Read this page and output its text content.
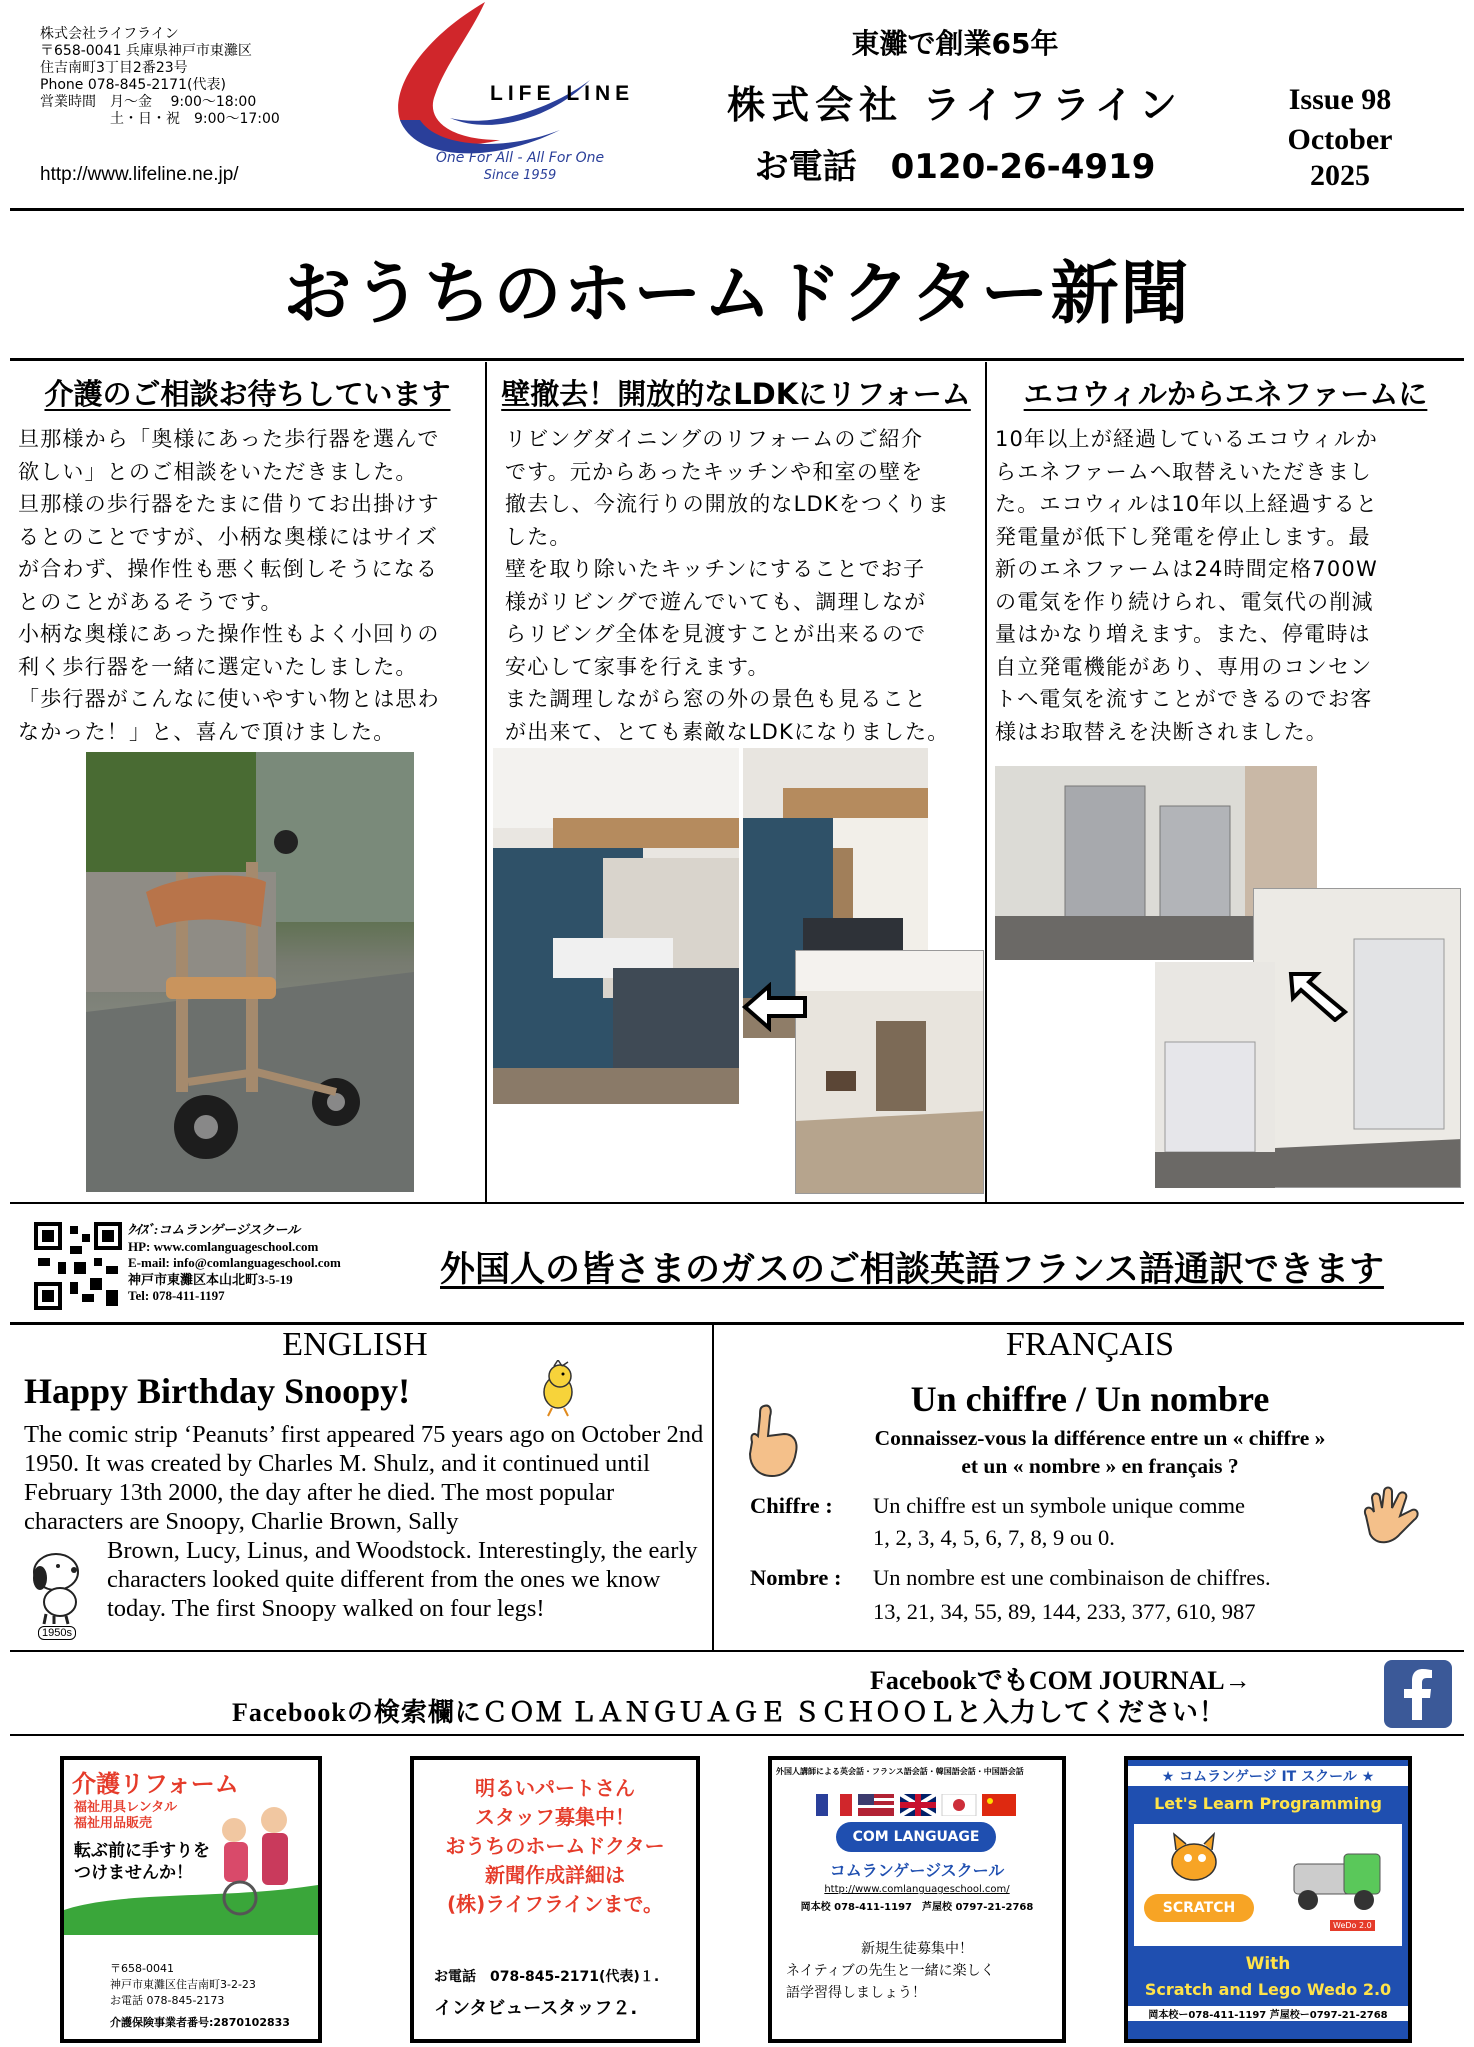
株式会社ライフライン
〒658-0041 兵庫県神戸市東灘区
住吉南町3丁目2番23号
Phone 078-845-2171(代表)
営業時間　月～金　 9:00～18:00
　　　　　土・日・祝　9:00～17:00
http://www.lifeline.ne.jp/
LIFE LINE
One For All - All For One
Since 1959
東灘で創業65年
株式会社 ライフライン
お電話　0120-26-4919
Issue 98
October
2025
おうちのホームドクター新聞
介護のご相談お待ちしています
旦那様から「奥様にあった歩行器を選んで
欲しい」とのご相談をいただきました。
旦那様の歩行器をたまに借りてお出掛けす
るとのことですが、小柄な奥様にはサイズ
が合わず、操作性も悪く転倒しそうになる
とのことがあるそうです。
小柄な奥様にあった操作性もよく小回りの
利く歩行器を一緒に選定いたしました。
「歩行器がこんなに使いやすい物とは思わ
なかった！」と、喜んで頂けました。
壁撤去！開放的なLDKにリフォーム
リビングダイニングのリフォームのご紹介
です。元からあったキッチンや和室の壁を
撤去し、今流行りの開放的なLDKをつくりま
した。
壁を取り除いたキッチンにすることでお子
様がリビングで遊んでいても、調理しなが
らリビング全体を見渡すことが出来るので
安心して家事を行えます。
また調理しながら窓の外の景色も見ること
が出来て、とても素敵なLDKになりました。
エコウィルからエネファームに
10年以上が経過しているエコウィルか
らエネファームへ取替えいただきまし
た。エコウィルは10年以上経過すると
発電量が低下し発電を停止します。最
新のエネファームは24時間定格700W
の電気を作り続けられ、電気代の削減
量はかなり増えます。また、停電時は
自立発電機能があり、専用のコンセン
トへ電気を流すことができるのでお客
様はお取替えを決断されました。
ｸｲｽﾞ:コムランゲージスクール
HP: www.comlanguageschool.com
E-mail: info@comlanguageschool.com
神戸市東灘区本山北町3-5-19
Tel: 078-411-1197
外国人の皆さまのガスのご相談英語フランス語通訳できます
ENGLISH
Happy Birthday Snoopy!
The comic strip ‘Peanuts’ first appeared 75 years ago on October 2nd 1950. It was created by Charles M. Shulz, and it continued until February 13th 2000, the day after he died. The most popular characters are Snoopy, Charlie Brown, Sally
1950s
Brown, Lucy, Linus, and Woodstock. Interestingly, the early characters looked quite different from the ones we know today. The first Snoopy walked on four legs!
FRANÇAIS
Un chiffre / Un nombre
Connaissez-vous la différence entre un « chiffre »
et un « nombre » en français ?
Chiffre : Un chiffre est un symbole unique comme
1, 2, 3, 4, 5, 6, 7, 8, 9 ou 0.
Nombre : Un nombre est une combinaison de chiffres.
13, 21, 34, 55, 89, 144, 233, 377, 610, 987
FacebookでもCOM JOURNAL→
Facebookの検索欄にＣＯＭ ＬＡＮＧＵＡＧＥ ＳＣＨＯＯＬと入力してください！
介護リフォーム
福祉用具レンタル
福祉用品販売
転ぶ前に手すりを
つけませんか！
〒658-0041
神戸市東灘区住吉南町3-2-23
お電話 078-845-2173
介護保険事業者番号:2870102833
明るいパートさん
スタッフ募集中！
おうちのホームドクター
新聞作成詳細は
(株)ライフラインまで。
お電話　078-845-2171(代表)１.
インタビュースタッフ２.
外国人講師による英会話・フランス語会話・韓国語会話・中国語会話
COM LANGUAGE
コムランゲージスクール
http://www.comlanguageschool.com/
岡本校 078-411-1197　芦屋校 0797-21-2768
新規生徒募集中！
ネイティブの先生と一緒に楽しく
語学習得しましょう！
★ コムランゲージ IT スクール ★
Let's Learn Programming
SCRATCH
WeDo 2.0
With
Scratch and Lego Wedo 2.0
岡本校ー078-411-1197 芦屋校ー0797-21-2768
